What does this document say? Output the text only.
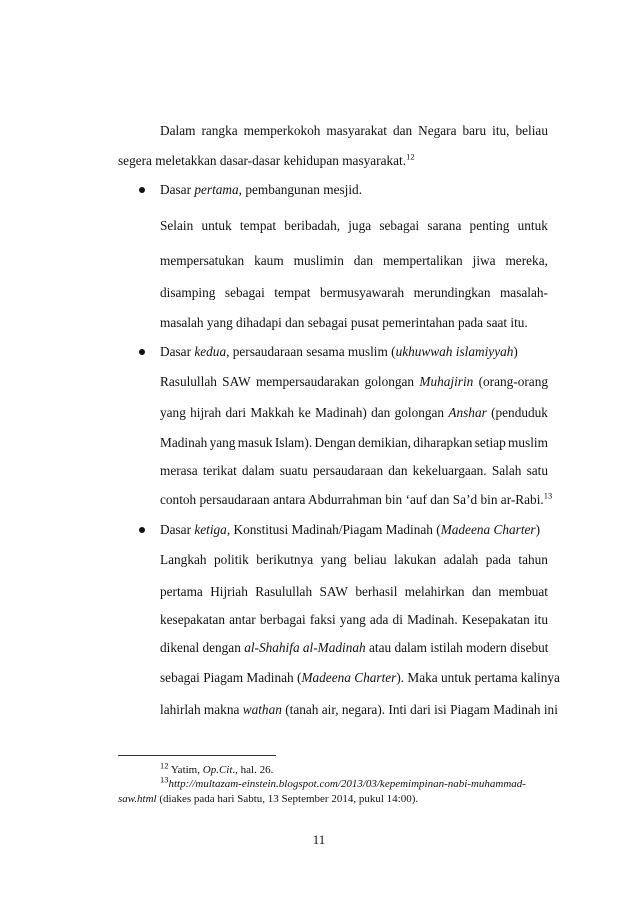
Dalam rangka memperkokoh masyarakat dan Negara baru itu, beliau
segera meletakkan dasar-dasar kehidupan masyarakat.$^{12}$
Dasar pertama, pembangunan mesjid.
Selain untuk tempat beribadah, juga sebagai sarana penting untuk
mempersatukan kaum muslimin dan mempertalikan jiwa mereka,
disamping sebagai tempat bermusyawarah merundingkan masalah-
masalah yang dihadapi dan sebagai pusat pemerintahan pada saat itu.
Dasar kedua, persaudaraan sesama muslim (ukhuwwah islamiyyah)
Rasulullah SAW mempersaudarakan golongan Muhajirin (orang-orang
yang hijrah dari Makkah ke Madinah) dan golongan Anshar (penduduk
Madinah yang masuk Islam). Dengan demikian, diharapkan setiap muslim
merasa terikat dalam suatu persaudaraan dan kekeluargaan. Salah satu
contoh persaudaraan antara Abdurrahman bin ‘auf dan Sa’d bin ar-Rabi.$^{13}$
Dasar ketiga, Konstitusi Madinah/Piagam Madinah (Madeena Charter)
Langkah politik berikutnya yang beliau lakukan adalah pada tahun
pertama Hijriah Rasulullah SAW berhasil melahirkan dan membuat
kesepakatan antar berbagai faksi yang ada di Madinah. Kesepakatan itu
dikenal dengan al-Shahifa al-Madinah atau dalam istilah modern disebut
sebagai Piagam Madinah (Madeena Charter). Maka untuk pertama kalinya
lahirlah makna wathan (tanah air, negara). Inti dari isi Piagam Madinah ini
$^{12}$ Yatim, Op.Cit., hal. 26.
$^{13}$http://multazam-einstein.blogspot.com/2013/03/kepemimpinan-nabi-muhammad-
saw.html (diakes pada hari Sabtu, 13 September 2014, pukul 14:00).
11
